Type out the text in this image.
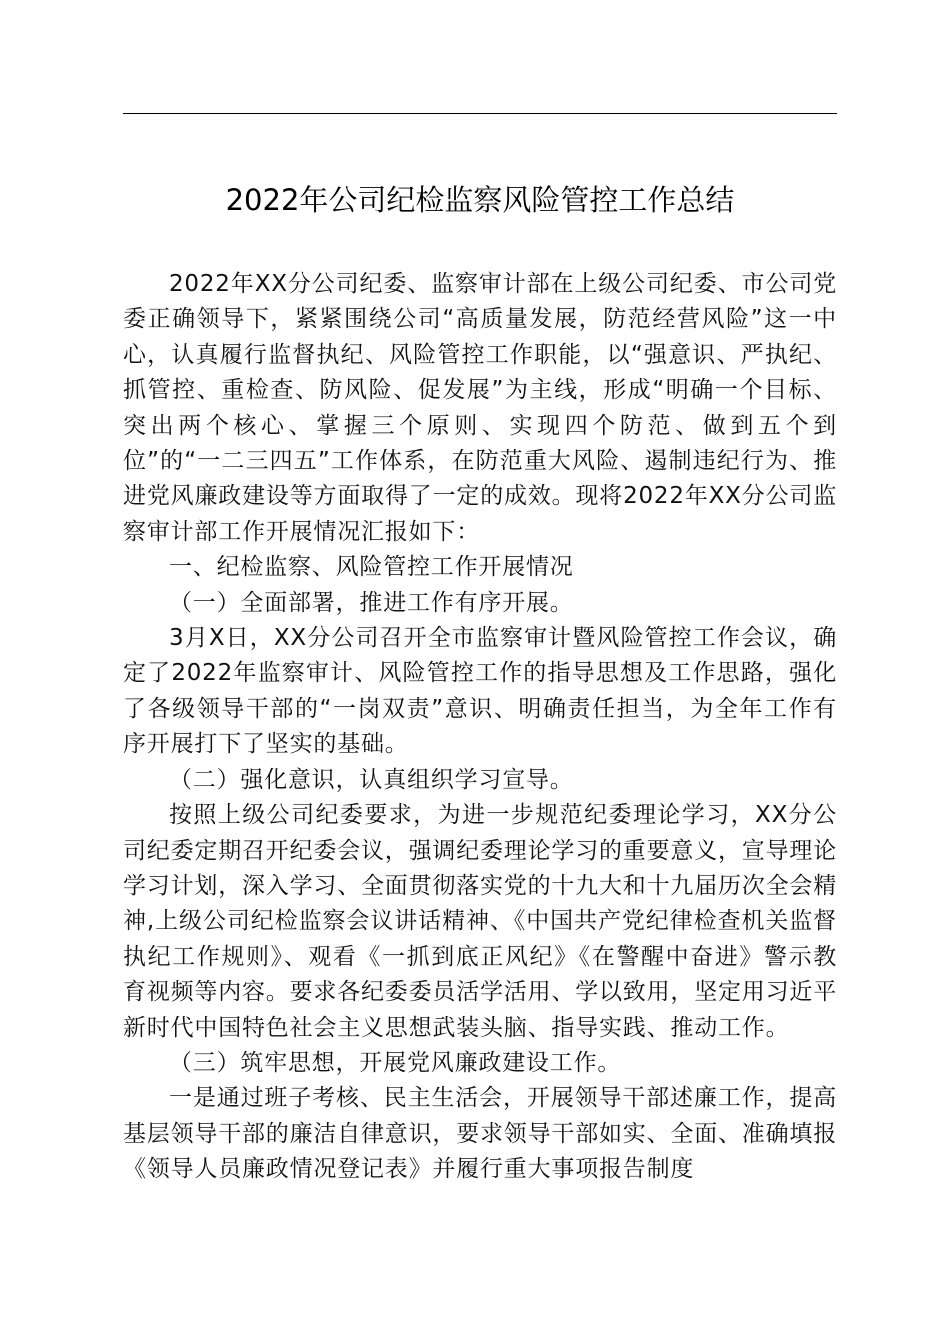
2022年公司纪检监察风险管控工作总结

2022年XX分公司纪委、监察审计部在上级公司纪委、市公司党委正确领导下，紧紧围绕公司“高质量发展，防范经营风险”这一中心，认真履行监督执纪、风险管控工作职能，以“强意识、严执纪、抓管控、重检查、防风险、促发展”为主线，形成“明确一个目标、突出两个核心、掌握三个原则、实现四个防范、做到五个到位”的“一二三四五”工作体系，在防范重大风险、遏制违纪行为、推进党风廉政建设等方面取得了一定的成效。现将2022年XX分公司监察审计部工作开展情况汇报如下：

一、纪检监察、风险管控工作开展情况

（一）全面部署，推进工作有序开展。

3月X日，XX分公司召开全市监察审计暨风险管控工作会议，确定了2022年监察审计、风险管控工作的指导思想及工作思路，强化了各级领导干部的“一岗双责”意识、明确责任担当，为全年工作有序开展打下了坚实的基础。

（二）强化意识，认真组织学习宣导。

按照上级公司纪委要求，为进一步规范纪委理论学习，XX分公司纪委定期召开纪委会议，强调纪委理论学习的重要意义，宣导理论学习计划，深入学习、全面贯彻落实党的十九大和十九届历次全会精神,上级公司纪检监察会议讲话精神、《中国共产党纪律检查机关监督执纪工作规则》、观看《一抓到底正风纪》《在警醒中奋进》警示教育视频等内容。要求各纪委委员活学活用、学以致用，坚定用习近平新时代中国特色社会主义思想武装头脑、指导实践、推动工作。

（三）筑牢思想，开展党风廉政建设工作。

一是通过班子考核、民主生活会，开展领导干部述廉工作，提高基层领导干部的廉洁自律意识，要求领导干部如实、全面、准确填报《领导人员廉政情况登记表》并履行重大事项报告制度
